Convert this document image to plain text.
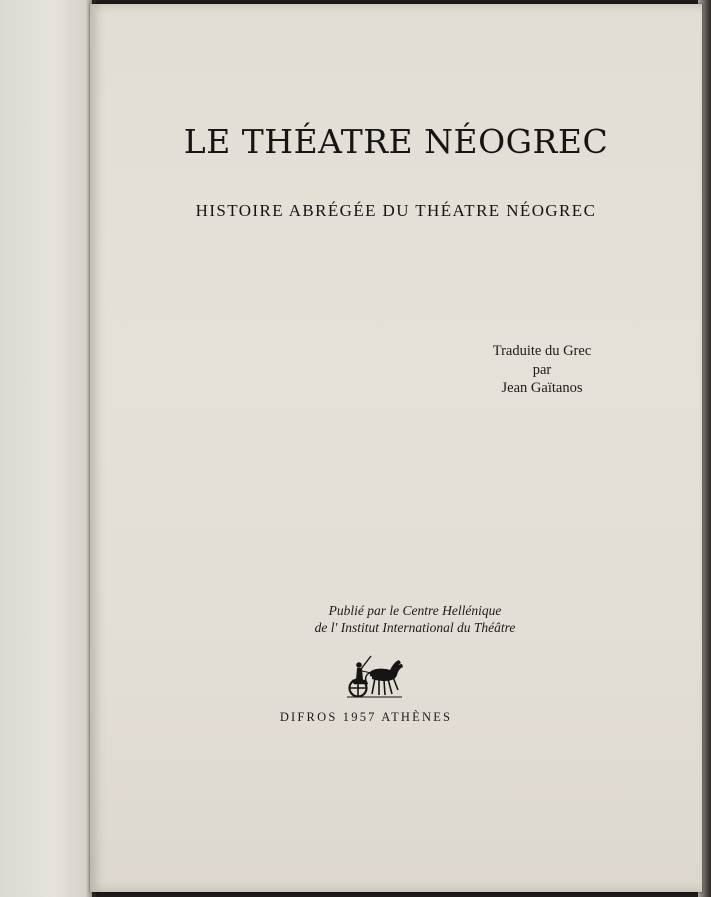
LE THÉATRE NÉOGREC
HISTOIRE ABRÉGÉE DU THÉATRE NÉOGREC
Traduite du Grec
par
Jean Gaïtanos
Publié par le Centre Hellénique
de l' Institut International du Théâtre
DIFROS 1957 ATHÈNES
